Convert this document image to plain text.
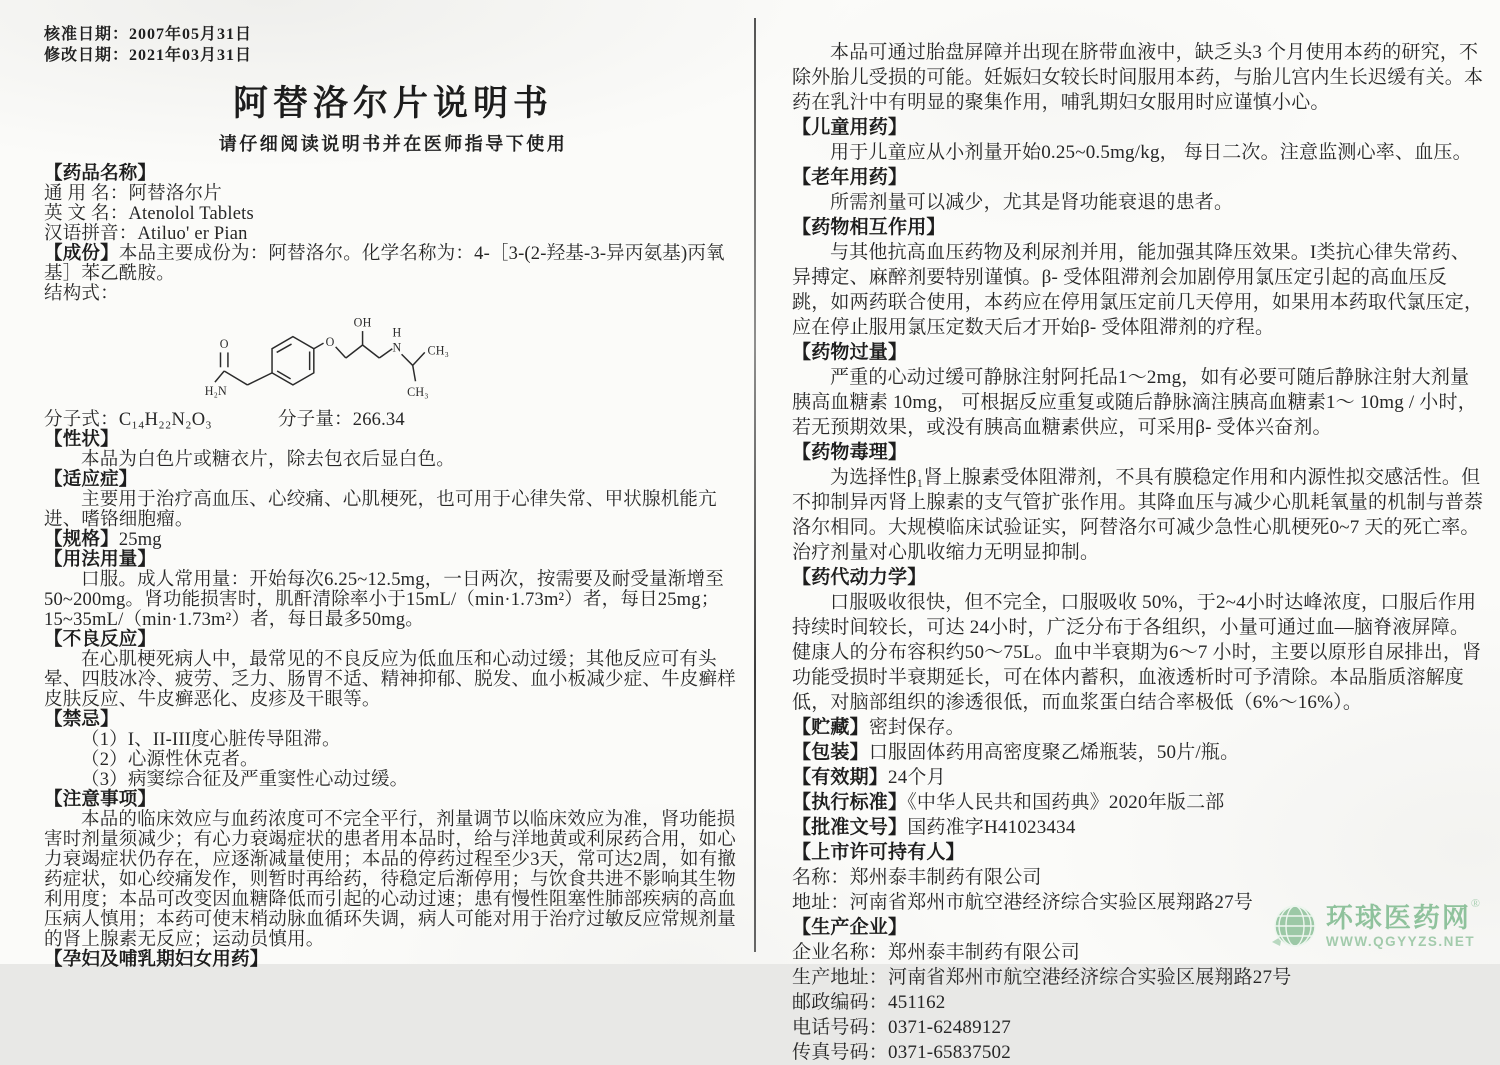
核准日期：2007年05月31日
修改日期：2021年03月31日
阿替洛尔片说明书
请仔细阅读说明书并在医师指导下使用
【药品名称】
通 用 名：阿替洛尔片
英 文 名：Atenolol Tablets
汉语拼音：Atiluo' er Pian

【成份】本品主要成份为：阿替洛尔。化学名称为：4-［3-(2-羟基-3-异丙氨基)丙氧基］苯乙酰胺。

结构式：
O
H₂N
O
OH
H
N CH₃
CH₃
分子式：C₁₄H₂₂N₂O₃	分子量：266.34
【性状】

本品为白色片或糖衣片，除去包衣后显白色。

【适应症】

主要用于治疗高血压、心绞痛、心肌梗死，也可用于心律失常、甲状腺机能亢进、嗜铬细胞瘤。

【规格】25mg

【用法用量】

口服。成人常用量：开始每次6.25~12.5mg，一日两次，按需要及耐受量渐增至50~200mg。肾功能损害时，肌酐清除率小于15mL/（min·1.73m²）者，每日25mg；15~35mL/（min·1.73m²）者，每日最多50mg。

【不良反应】

在心肌梗死病人中，最常见的不良反应为低血压和心动过缓；其他反应可有头晕、四肢冰冷、疲劳、乏力、肠胃不适、精神抑郁、脱发、血小板减少症、牛皮癣样皮肤反应、牛皮癣恶化、皮疹及干眼等。

【禁忌】
（1）I、II-III度心脏传导阻滞。
（2）心源性休克者。
（3）病窦综合征及严重窦性心动过缓。
【注意事项】

本品的临床效应与血药浓度可不完全平行，剂量调节以临床效应为准，肾功能损害时剂量须减少；有心力衰竭症状的患者用本品时，给与洋地黄或利尿药合用，如心力衰竭症状仍存在，应逐渐减量使用；本品的停药过程至少3天，常可达2周，如有撤药症状，如心绞痛发作，则暂时再给药，待稳定后渐停用；与饮食共进不影响其生物利用度；本品可改变因血糖降低而引起的心动过速；患有慢性阻塞性肺部疾病的高血压病人慎用；本药可使末梢动脉血循环失调，病人可能对用于治疗过敏反应常规剂量的肾上腺素无反应；运动员慎用。

【孕妇及哺乳期妇女用药】

本品可通过胎盘屏障并出现在脐带血液中，缺乏头3 个月使用本药的研究，不除外胎儿受损的可能。妊娠妇女较长时间服用本药，与胎儿宫内生长迟缓有关。本药在乳汁中有明显的聚集作用，哺乳期妇女服用时应谨慎小心。

【儿童用药】

用于儿童应从小剂量开始0.25~0.5mg/kg， 每日二次。注意监测心率、血压。

【老年用药】

所需剂量可以减少，尤其是肾功能衰退的患者。

【药物相互作用】

与其他抗高血压药物及利尿剂并用，能加强其降压效果。I类抗心律失常药、异搏定、麻醉剂要特别谨慎。β- 受体阻滞剂会加剧停用氯压定引起的高血压反跳，如两药联合使用，本药应在停用氯压定前几天停用，如果用本药取代氯压定，应在停止服用氯压定数天后才开始β- 受体阻滞剂的疗程。

【药物过量】

严重的心动过缓可静脉注射阿托品1～2mg，如有必要可随后静脉注射大剂量胰高血糖素 10mg， 可根据反应重复或随后静脉滴注胰高血糖素1～ 10mg / 小时，若无预期效果，或没有胰高血糖素供应，可采用β- 受体兴奋剂。

【药物毒理】

为选择性β₁肾上腺素受体阻滞剂，不具有膜稳定作用和内源性拟交感活性。但不抑制异丙肾上腺素的支气管扩张作用。其降血压与减少心肌耗氧量的机制与普萘洛尔相同。大规模临床试验证实，阿替洛尔可减少急性心肌梗死0~7 天的死亡率。治疗剂量对心肌收缩力无明显抑制。

【药代动力学】

口服吸收很快，但不完全，口服吸收 50%，于2~4小时达峰浓度，口服后作用持续时间较长，可达 24小时，广泛分布于各组织，小量可通过血—脑脊液屏障。健康人的分布容积约50～75L。血中半衰期为6～7 小时，主要以原形自尿排出，肾功能受损时半衰期延长，可在体内蓄积，血液透析时可予清除。本品脂质溶解度低，对脑部组织的渗透很低，而血浆蛋白结合率极低（6%～16%）。

【贮藏】密封保存。

【包装】口服固体药用高密度聚乙烯瓶装，50片/瓶。

【有效期】24个月

【执行标准】《中华人民共和国药典》2020年版二部

【批准文号】国药准字H41023434

【上市许可持有人】
名称：郑州泰丰制药有限公司
地址：河南省郑州市航空港经济综合实验区展翔路27号
【生产企业】
企业名称：郑州泰丰制药有限公司
生产地址：河南省郑州市航空港经济综合实验区展翔路27号
邮政编码：451162
电话号码：0371-62489127
传真号码：0371-65837502
环球医药网®
WWW.QGYYZS.NET
